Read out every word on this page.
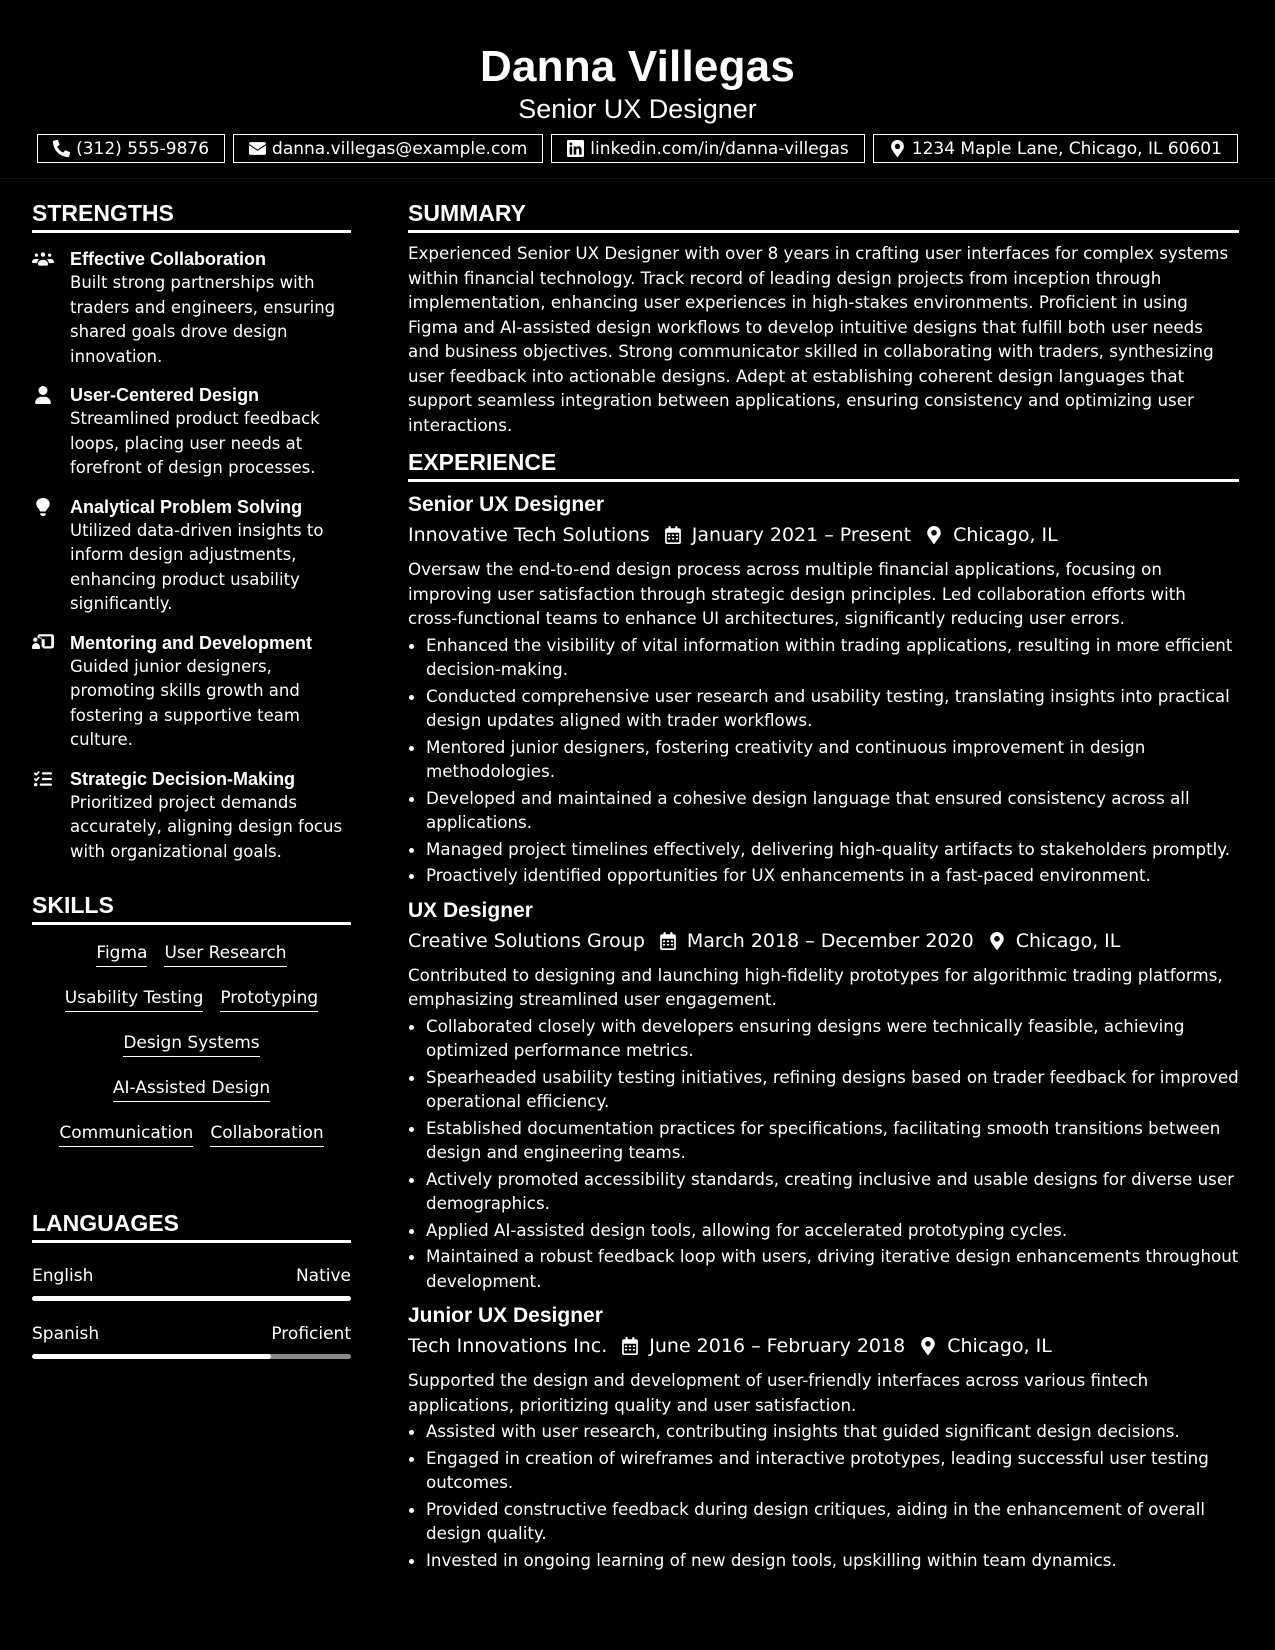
Danna Villegas
Senior UX Designer
(312) 555-9876	danna.villegas@example.com	linkedin.com/in/danna-villegas	1234 Maple Lane, Chicago, IL 60601
STRENGTHS
Effective Collaboration
Built strong partnerships with traders and engineers, ensuring shared goals drove design innovation.
User-Centered Design
Streamlined product feedback loops, placing user needs at forefront of design processes.
Analytical Problem Solving
Utilized data-driven insights to inform design adjustments, enhancing product usability significantly.
Mentoring and Development
Guided junior designers, promoting skills growth and fostering a supportive team culture.
Strategic Decision-Making
Prioritized project demands accurately, aligning design focus with organizational goals.
SKILLS
Figma User Research
Usability Testing Prototyping
Design Systems
AI-Assisted Design
Communication Collaboration
LANGUAGES
English	Native
Spanish	Proficient
SUMMARY
Experienced Senior UX Designer with over 8 years in crafting user interfaces for complex systems within financial technology. Track record of leading design projects from inception through implementation, enhancing user experiences in high-stakes environments. Proficient in using Figma and AI-assisted design workflows to develop intuitive designs that fulfill both user needs and business objectives. Strong communicator skilled in collaborating with traders, synthesizing user feedback into actionable designs. Adept at establishing coherent design languages that support seamless integration between applications, ensuring consistency and optimizing user interactions.
EXPERIENCE
Senior UX Designer
Innovative Tech Solutions January 2021 – Present Chicago, IL
Oversaw the end-to-end design process across multiple financial applications, focusing on improving user satisfaction through strategic design principles. Led collaboration efforts with cross-functional teams to enhance UI architectures, significantly reducing user errors.
• Enhanced the visibility of vital information within trading applications, resulting in more efficient decision-making.
• Conducted comprehensive user research and usability testing, translating insights into practical design updates aligned with trader workflows.
• Mentored junior designers, fostering creativity and continuous improvement in design methodologies.
• Developed and maintained a cohesive design language that ensured consistency across all applications.
• Managed project timelines effectively, delivering high-quality artifacts to stakeholders promptly.
• Proactively identified opportunities for UX enhancements in a fast-paced environment.
UX Designer
Creative Solutions Group March 2018 – December 2020 Chicago, IL
Contributed to designing and launching high-fidelity prototypes for algorithmic trading platforms, emphasizing streamlined user engagement.
• Collaborated closely with developers ensuring designs were technically feasible, achieving optimized performance metrics.
• Spearheaded usability testing initiatives, refining designs based on trader feedback for improved operational efficiency.
• Established documentation practices for specifications, facilitating smooth transitions between design and engineering teams.
• Actively promoted accessibility standards, creating inclusive and usable designs for diverse user demographics.
• Applied AI-assisted design tools, allowing for accelerated prototyping cycles.
• Maintained a robust feedback loop with users, driving iterative design enhancements throughout development.
Junior UX Designer
Tech Innovations Inc. June 2016 – February 2018 Chicago, IL
Supported the design and development of user-friendly interfaces across various fintech applications, prioritizing quality and user satisfaction.
• Assisted with user research, contributing insights that guided significant design decisions.
• Engaged in creation of wireframes and interactive prototypes, leading successful user testing outcomes.
• Provided constructive feedback during design critiques, aiding in the enhancement of overall design quality.
• Invested in ongoing learning of new design tools, upskilling within team dynamics.
